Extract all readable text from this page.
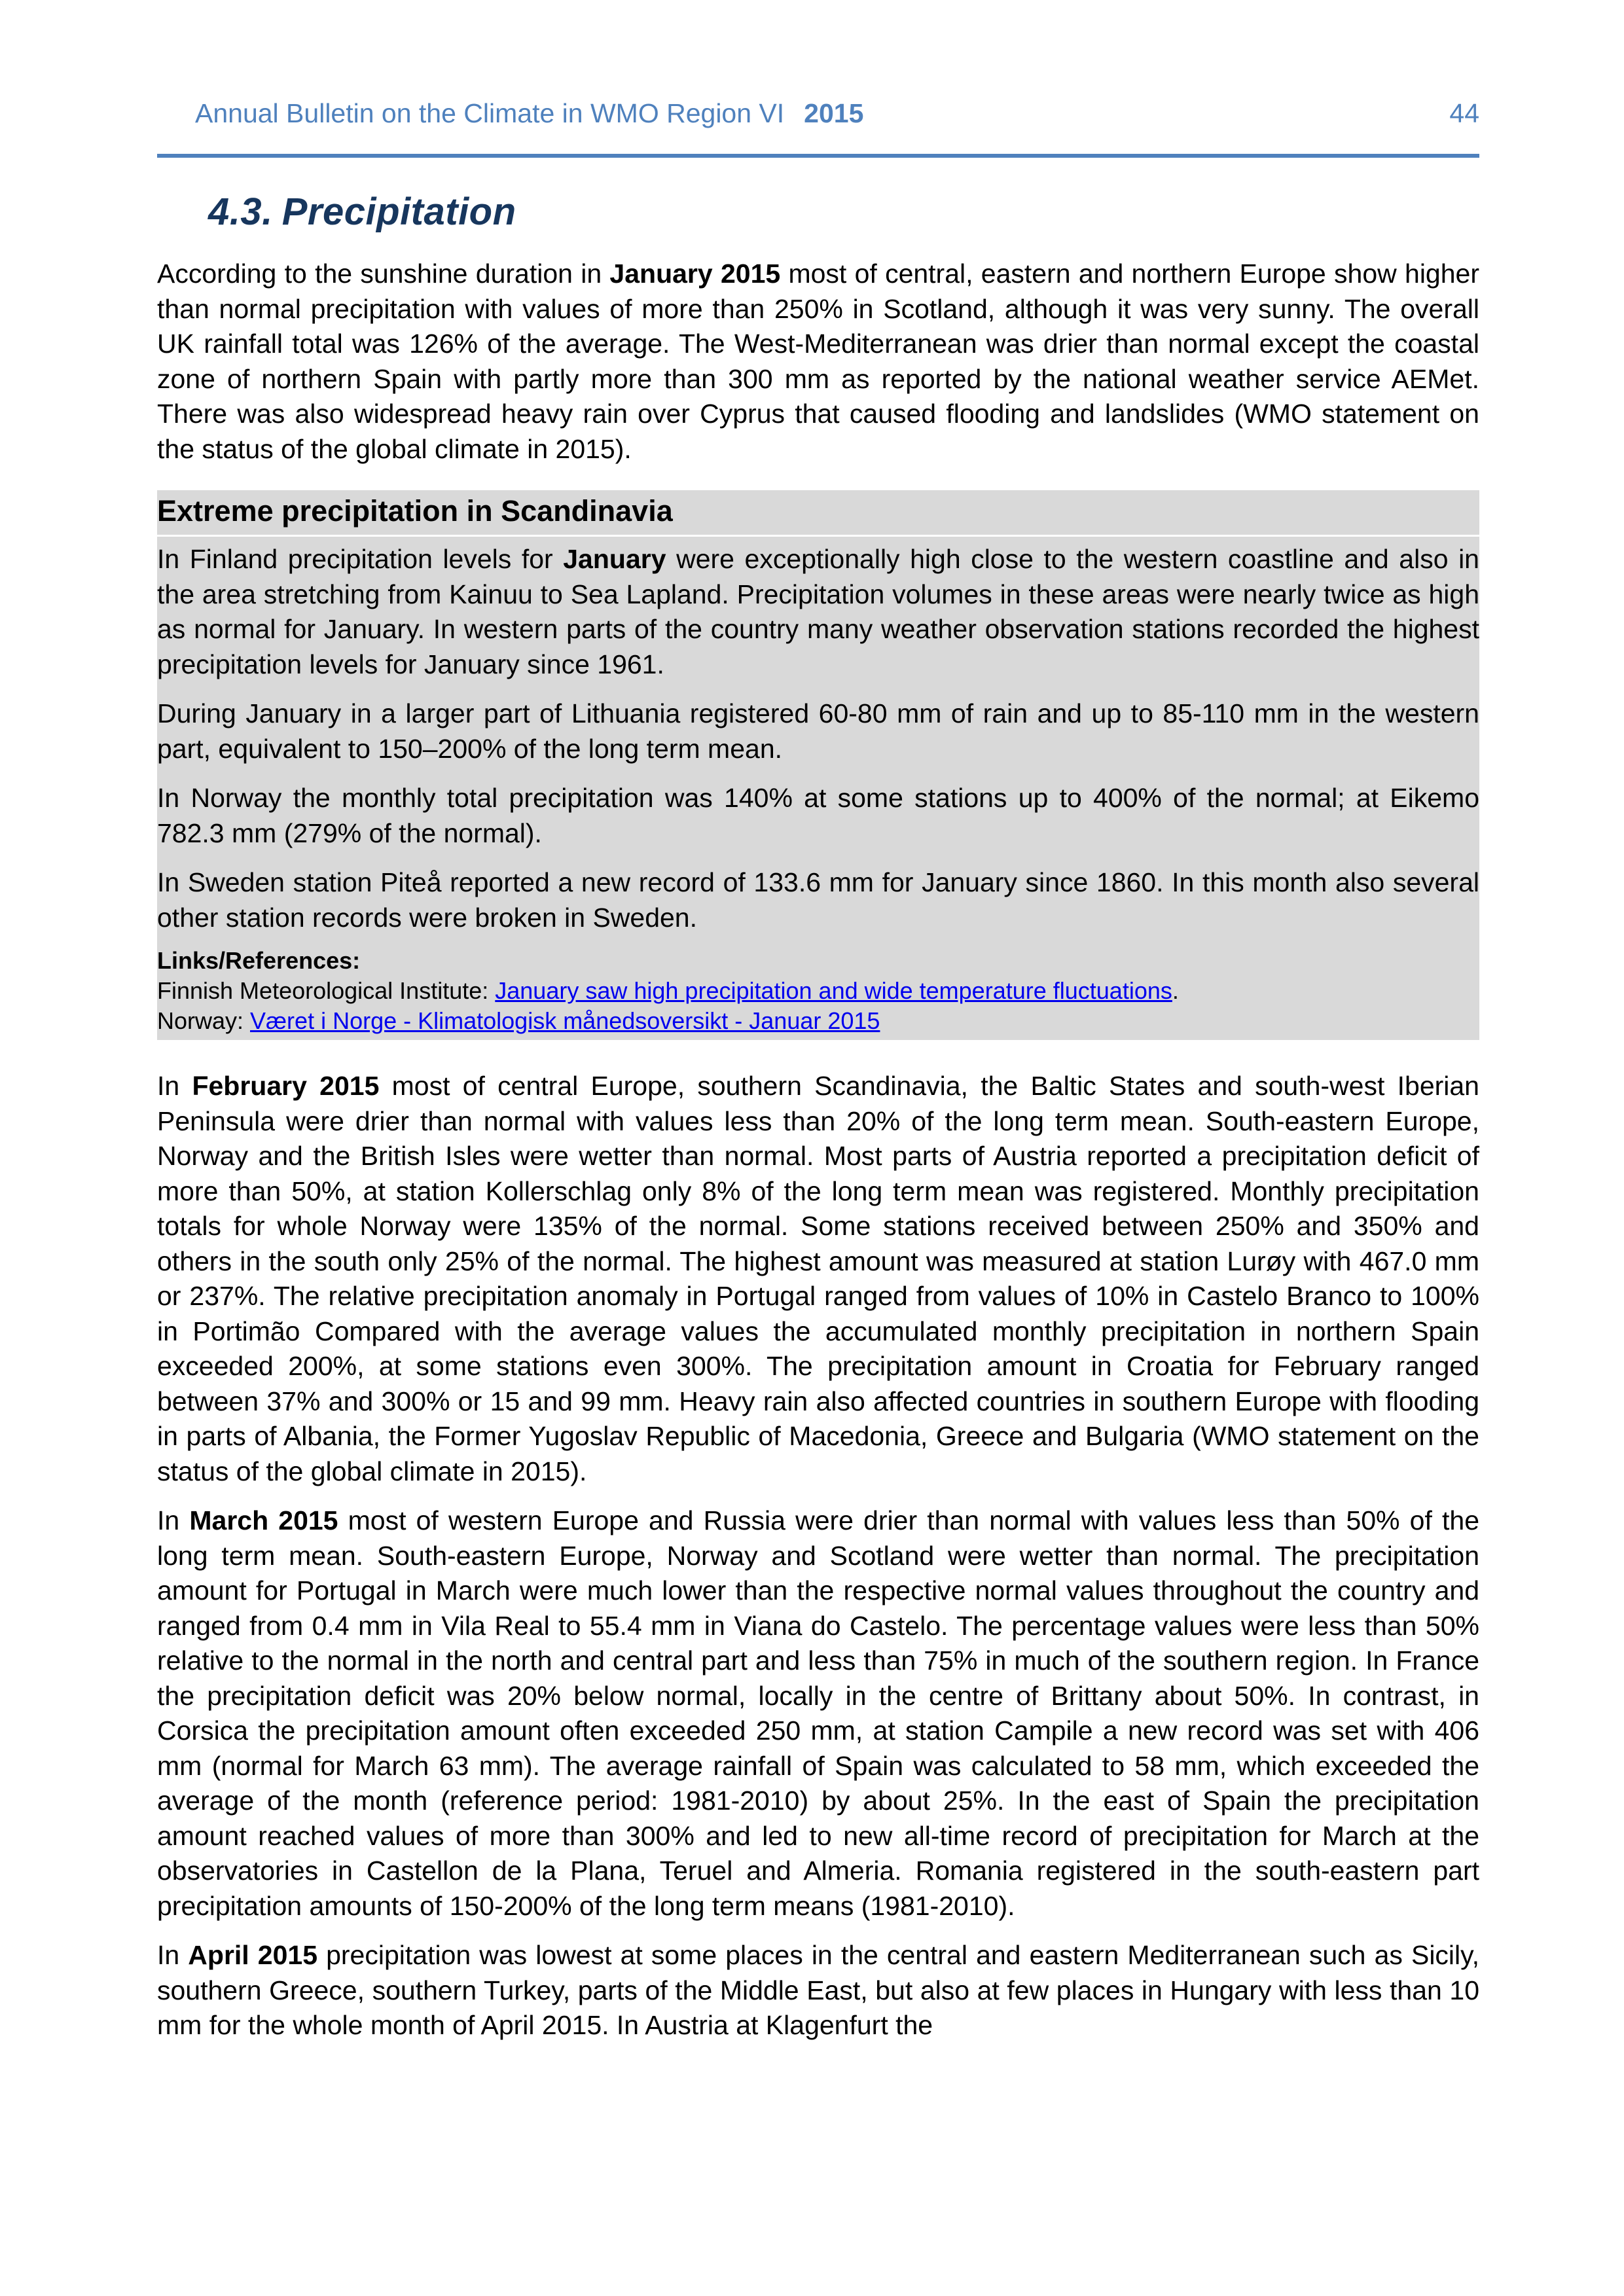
Annual Bulletin on the Climate in WMO Region VI 2015	44
4.3. Precipitation

According to the sunshine duration in January 2015 most of central, eastern and northern Europe show higher than normal precipitation with values of more than 250% in Scotland, although it was very sunny. The overall UK rainfall total was 126% of the average. The West-Mediterranean was drier than normal except the coastal zone of northern Spain with partly more than 300 mm as reported by the national weather service AEMet. There was also widespread heavy rain over Cyprus that caused flooding and landslides (WMO statement on the status of the global climate in 2015).

Extreme precipitation in Scandinavia

In Finland precipitation levels for January were exceptionally high close to the western coastline and also in the area stretching from Kainuu to Sea Lapland. Precipitation volumes in these areas were nearly twice as high as normal for January. In western parts of the country many weather observation stations recorded the highest precipitation levels for January since 1961.

During January in a larger part of Lithuania registered 60-80 mm of rain and up to 85-110 mm in the western part, equivalent to 150–200% of the long term mean.

In Norway the monthly total precipitation was 140% at some stations up to 400% of the normal; at Eikemo 782.3 mm (279% of the normal).

In Sweden station Piteå reported a new record of 133.6 mm for January since 1860. In this month also several other station records were broken in Sweden.

Links/References:
Finnish Meteorological Institute: January saw high precipitation and wide temperature fluctuations.
Norway: Været i Norge - Klimatologisk månedsoversikt - Januar 2015

In February 2015 most of central Europe, southern Scandinavia, the Baltic States and south-west Iberian Peninsula were drier than normal with values less than 20% of the long term mean. South-eastern Europe, Norway and the British Isles were wetter than normal. Most parts of Austria reported a precipitation deficit of more than 50%, at station Kollerschlag only 8% of the long term mean was registered. Monthly precipitation totals for whole Norway were 135% of the normal. Some stations received between 250% and 350% and others in the south only 25% of the normal. The highest amount was measured at station Lurøy with 467.0 mm or 237%. The relative precipitation anomaly in Portugal ranged from values of 10% in Castelo Branco to 100% in Portimão Compared with the average values the accumulated monthly precipitation in northern Spain exceeded 200%, at some stations even 300%. The precipitation amount in Croatia for February ranged between 37% and 300% or 15 and 99 mm. Heavy rain also affected countries in southern Europe with flooding in parts of Albania, the Former Yugoslav Republic of Macedonia, Greece and Bulgaria (WMO statement on the status of the global climate in 2015).

In March 2015 most of western Europe and Russia were drier than normal with values less than 50% of the long term mean. South-eastern Europe, Norway and Scotland were wetter than normal. The precipitation amount for Portugal in March were much lower than the respective normal values throughout the country and ranged from 0.4 mm in Vila Real to 55.4 mm in Viana do Castelo. The percentage values were less than 50% relative to the normal in the north and central part and less than 75% in much of the southern region. In France the precipitation deficit was 20% below normal, locally in the centre of Brittany about 50%. In contrast, in Corsica the precipitation amount often exceeded 250 mm, at station Campile a new record was set with 406 mm (normal for March 63 mm). The average rainfall of Spain was calculated to 58 mm, which exceeded the average of the month (reference period: 1981-2010) by about 25%. In the east of Spain the precipitation amount reached values of more than 300% and led to new all-time record of precipitation for March at the observatories in Castellon de la Plana, Teruel and Almeria. Romania registered in the south-eastern part precipitation amounts of 150-200% of the long term means (1981-2010).

In April 2015 precipitation was lowest at some places in the central and eastern Mediterranean such as Sicily, southern Greece, southern Turkey, parts of the Middle East, but also at few places in Hungary with less than 10 mm for the whole month of April 2015. In Austria at Klagenfurt the
